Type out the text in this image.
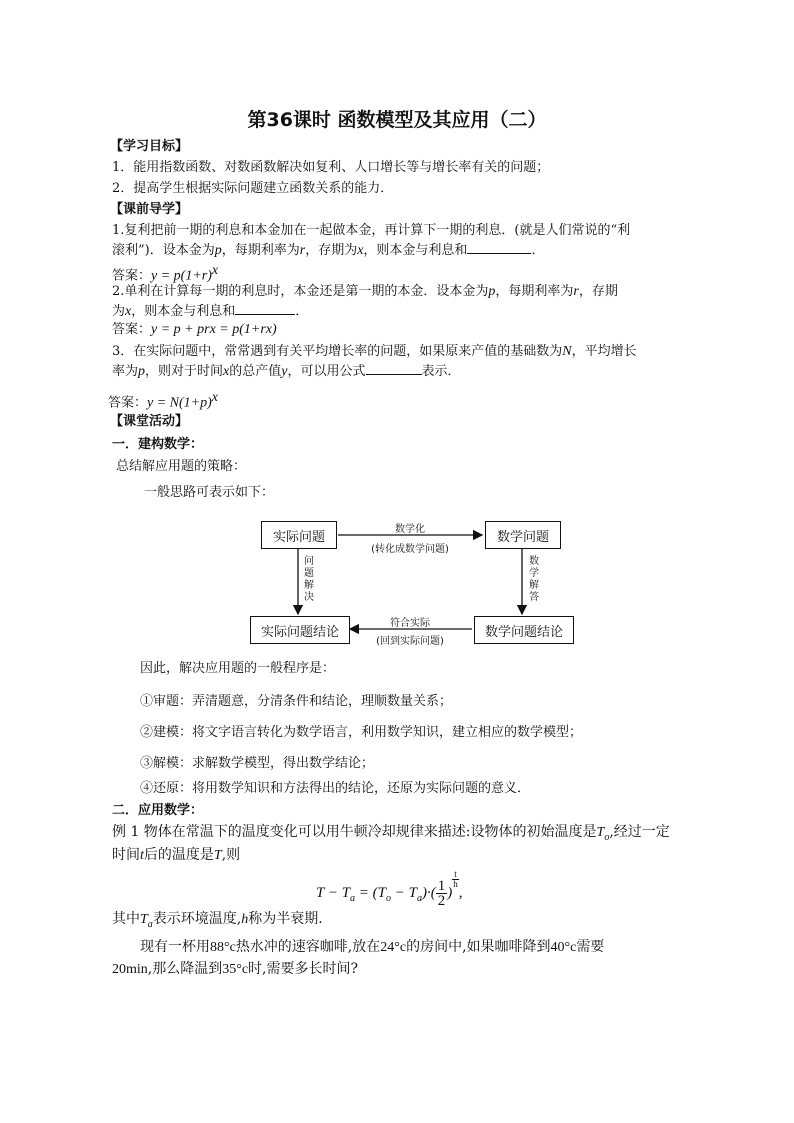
第36课时 函数模型及其应用（二）
【学习目标】
1．能用指数函数、对数函数解决如复利、人口增长等与增长率有关的问题；
2．提高学生根据实际问题建立函数关系的能力．
【课前导学】
1.复利把前一期的利息和本金加在一起做本金，再计算下一期的利息．(就是人们常说的“利
滚利”)．设本金为p，每期利率为r，存期为x，则本金与利息和	．
答案：$y = p(1+r)^x$
2.单利在计算每一期的利息时，本金还是第一期的本金．设本金为p，每期利率为r，存期
为x，则本金与利息和	．
答案：y = p + prx = p(1+rx)
3．在实际问题中，常常遇到有关平均增长率的问题，如果原来产值的基础数为N，平均增长
率为p，则对于时间x的总产值y，可以用公式	表示．
答案：$y = N(1+p)^x$
【课堂活动】
一．建构数学：
总结解应用题的策略：
一般思路可表示如下：
实际问题	数学问题
实际问题结论	数学问题结论
数学化
(转化成数学问题)
符合实际
(回到实际问题)
问
题
解
决
数
学
解
答
因此，解决应用题的一般程序是：
①审题：弄清题意，分清条件和结论，理顺数量关系；
②建模：将文字语言转化为数学语言，利用数学知识，建立相应的数学模型；
③解模：求解数学模型，得出数学结论；
④还原：将用数学知识和方法得出的结论，还原为实际问题的意义．
二．应用数学：
例 1 物体在常温下的温度变化可以用牛顿冷却规律来描述:设物体的初始温度是$T_o$,经过一定
时间t后的温度是T,则
$T - T_a = (T_o - T_a)\cdot( \frac{1}{2}$ )
$\frac{t}{h}$
,
其中$T_a$表示环境温度,h称为半衰期.
现有一杯用88°c热水冲的速容咖啡,放在24°c的房间中,如果咖啡降到40°c需要
20min,那么降温到35°c时,需要多长时间?
